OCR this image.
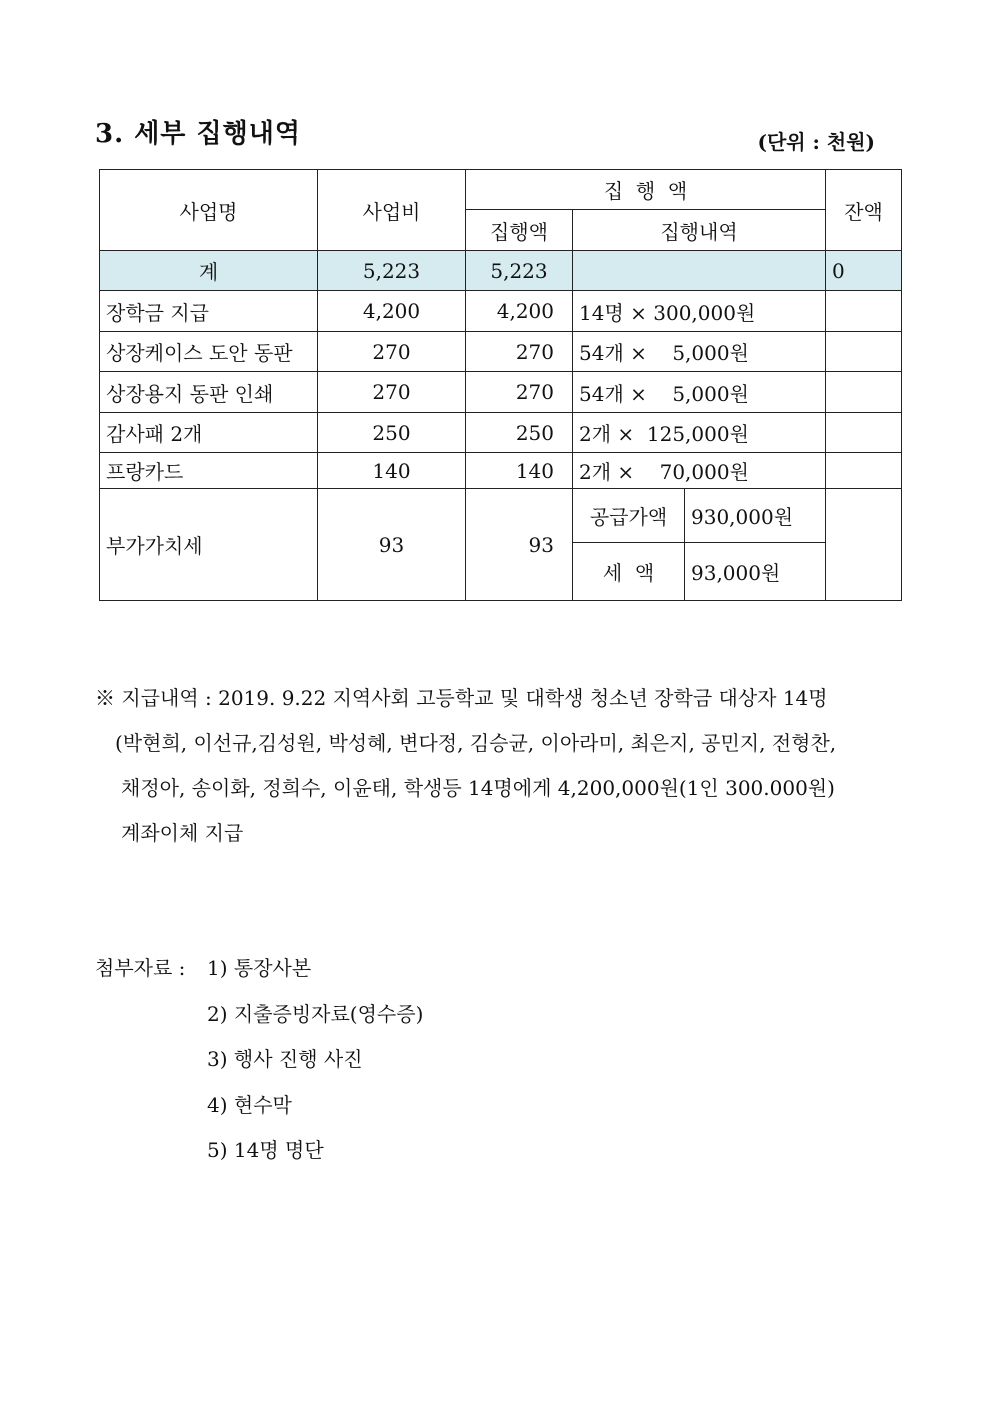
3. 세부 집행내역	(단위 : 천원)
사업명	사업비	집  행  액			잔액
		집행액	집행내역		
계	5,223	5,223			0
장학금 지급	4,200	4,200	14명 × 300,000원		
상장케이스 도안 동판	270	270	54개 ×    5,000원		
상장용지 동판 인쇄	270	270	54개 ×    5,000원		
감사패 2개	250	250	2개 ×  125,000원		
프랑카드	140	140	2개 ×    70,000원		
부가가치세	93	93	공급가액	930,000원	
			세  액	93,000원	
※ 지급내역 : 2019. 9.22 지역사회 고등학교 및 대학생 청소년 장학금 대상자 14명
(박현희, 이선규,김성원, 박성혜, 변다정, 김승균, 이아라미, 최은지, 공민지, 전형찬,
채정아, 송이화, 정희수, 이윤태, 학생등 14명에게 4,200,000원(1인 300.000원)
계좌이체 지급
첨부자료 : 1) 통장사본
2) 지출증빙자료(영수증)
3) 행사 진행 사진
4) 현수막
5) 14명 명단
